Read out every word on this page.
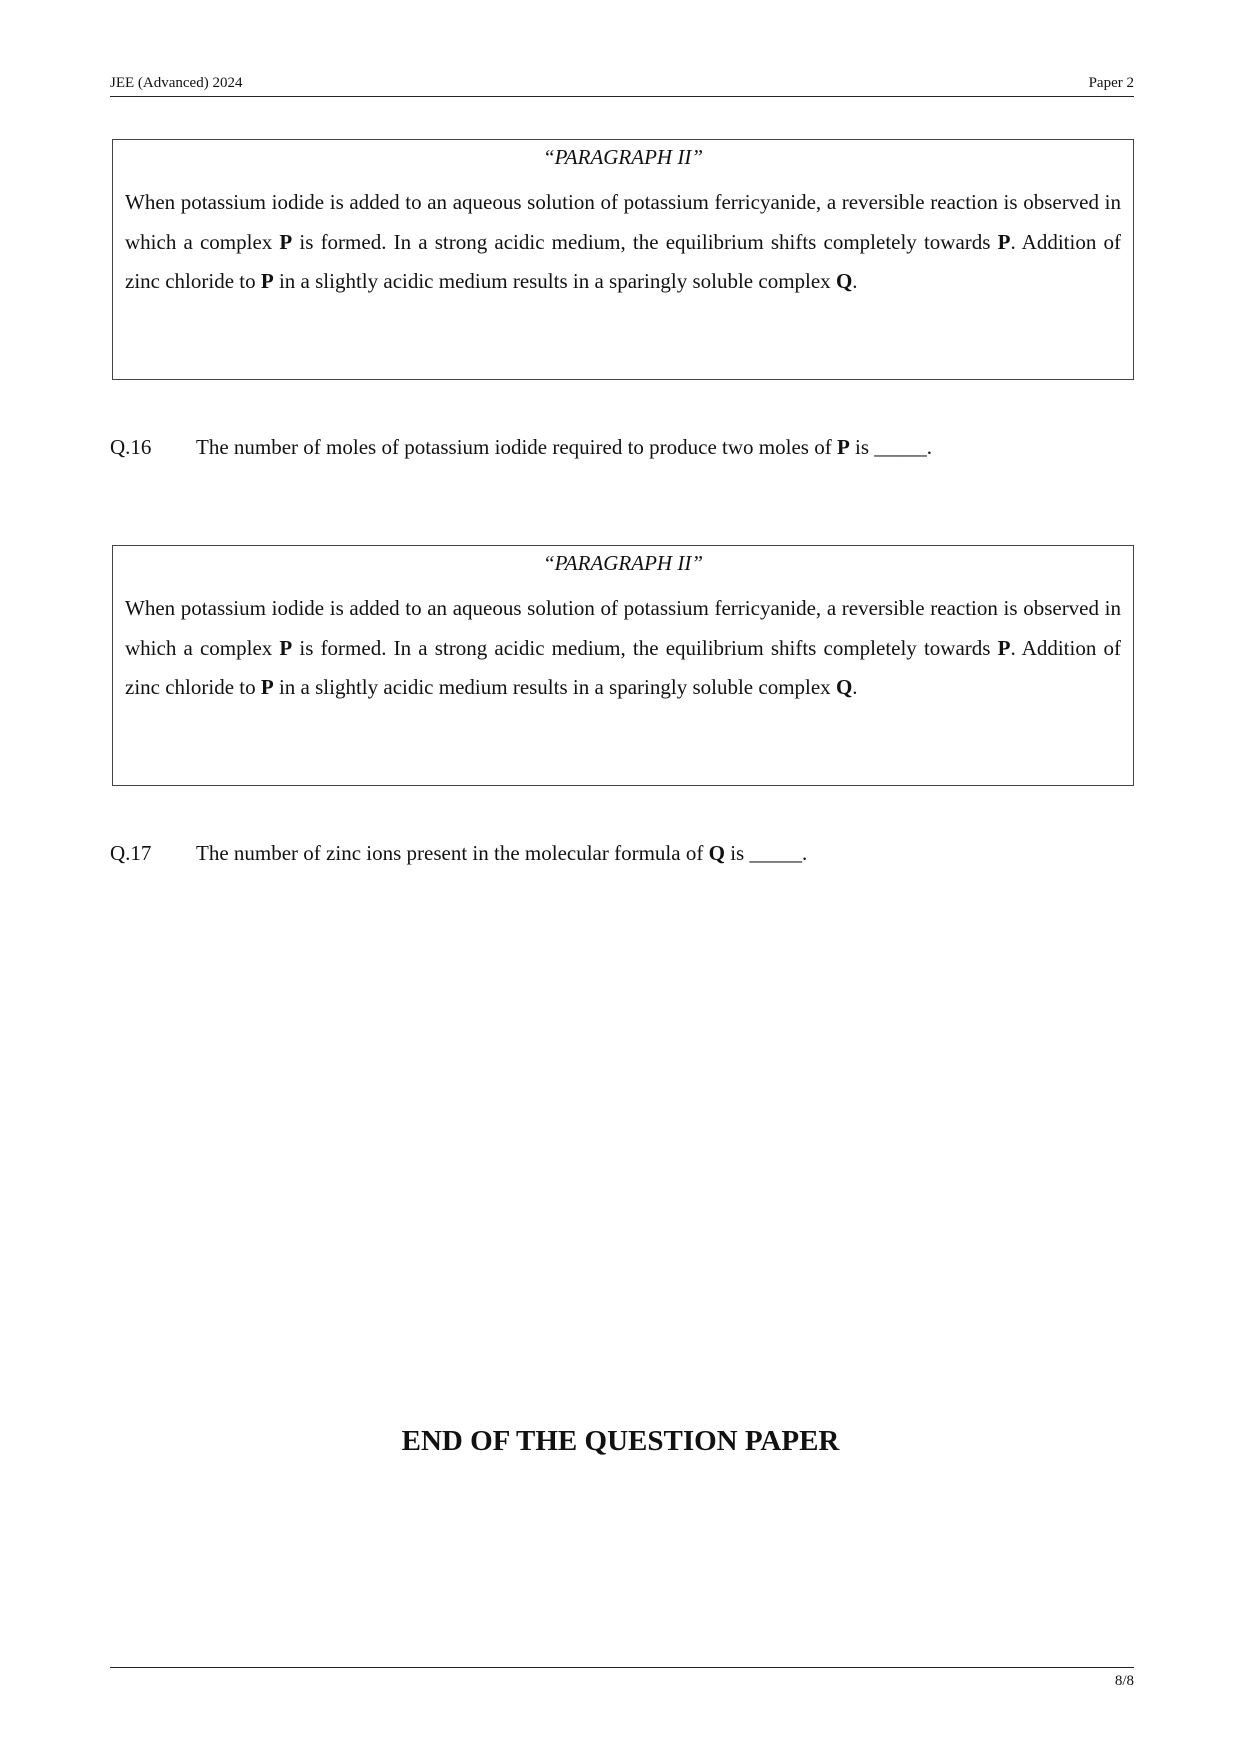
JEE (Advanced) 2024	Paper 2
“PARAGRAPH II”
When potassium iodide is added to an aqueous solution of potassium ferricyanide, a reversible reaction is observed in which a complex P is formed. In a strong acidic medium, the equilibrium shifts completely towards P. Addition of zinc chloride to P in a slightly acidic medium results in a sparingly soluble complex Q.
Q.16 The number of moles of potassium iodide required to produce two moles of P is _____.
“PARAGRAPH II”
When potassium iodide is added to an aqueous solution of potassium ferricyanide, a reversible reaction is observed in which a complex P is formed. In a strong acidic medium, the equilibrium shifts completely towards P. Addition of zinc chloride to P in a slightly acidic medium results in a sparingly soluble complex Q.
Q.17 The number of zinc ions present in the molecular formula of Q is _____.
END OF THE QUESTION PAPER
8/8
